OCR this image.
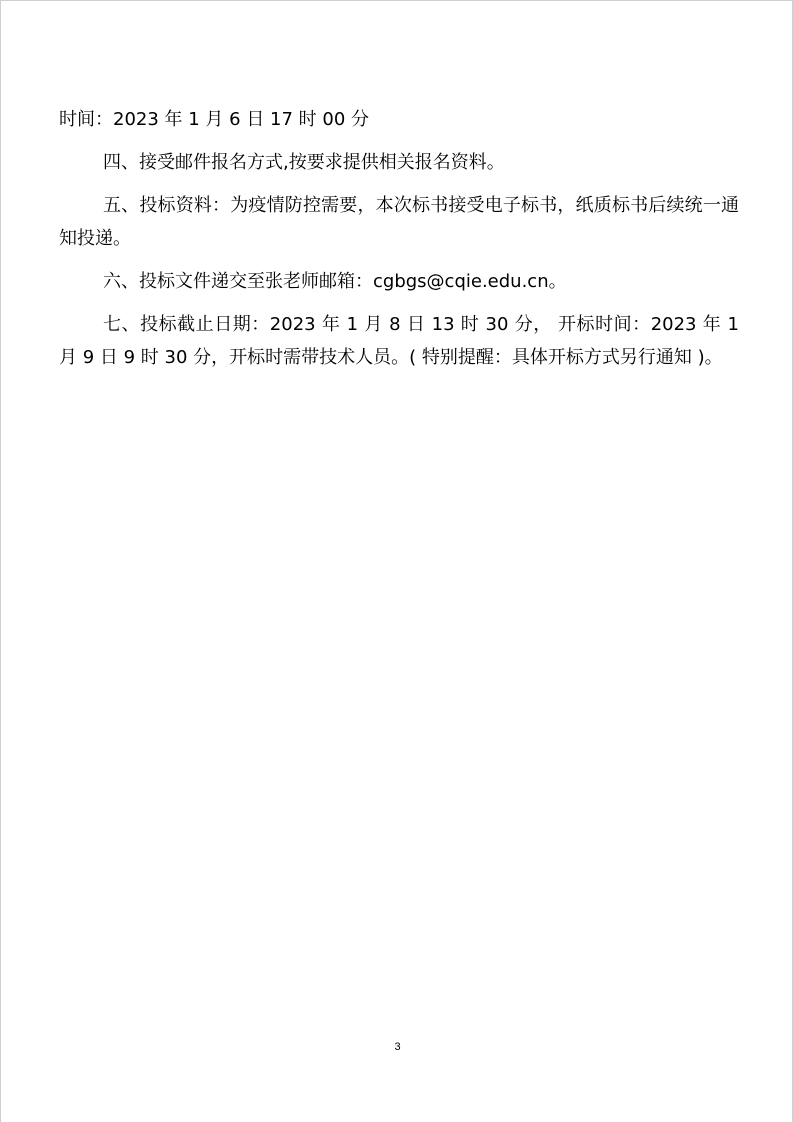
时间：2023 年 1 月 6 日 17 时 00 分

四、接受邮件报名方式,按要求提供相关报名资料。

五、投标资料：为疫情防控需要，本次标书接受电子标书，纸质标书后续统一通知投递。

六、投标文件递交至张老师邮箱：cgbgs@cqie.edu.cn。

七、投标截止日期：2023 年 1 月 8 日 13 时 30 分， 开标时间：2023 年 1 月 9 日 9 时 30 分，开标时需带技术人员。( 特别提醒：具体开标方式另行通知 )。

3
